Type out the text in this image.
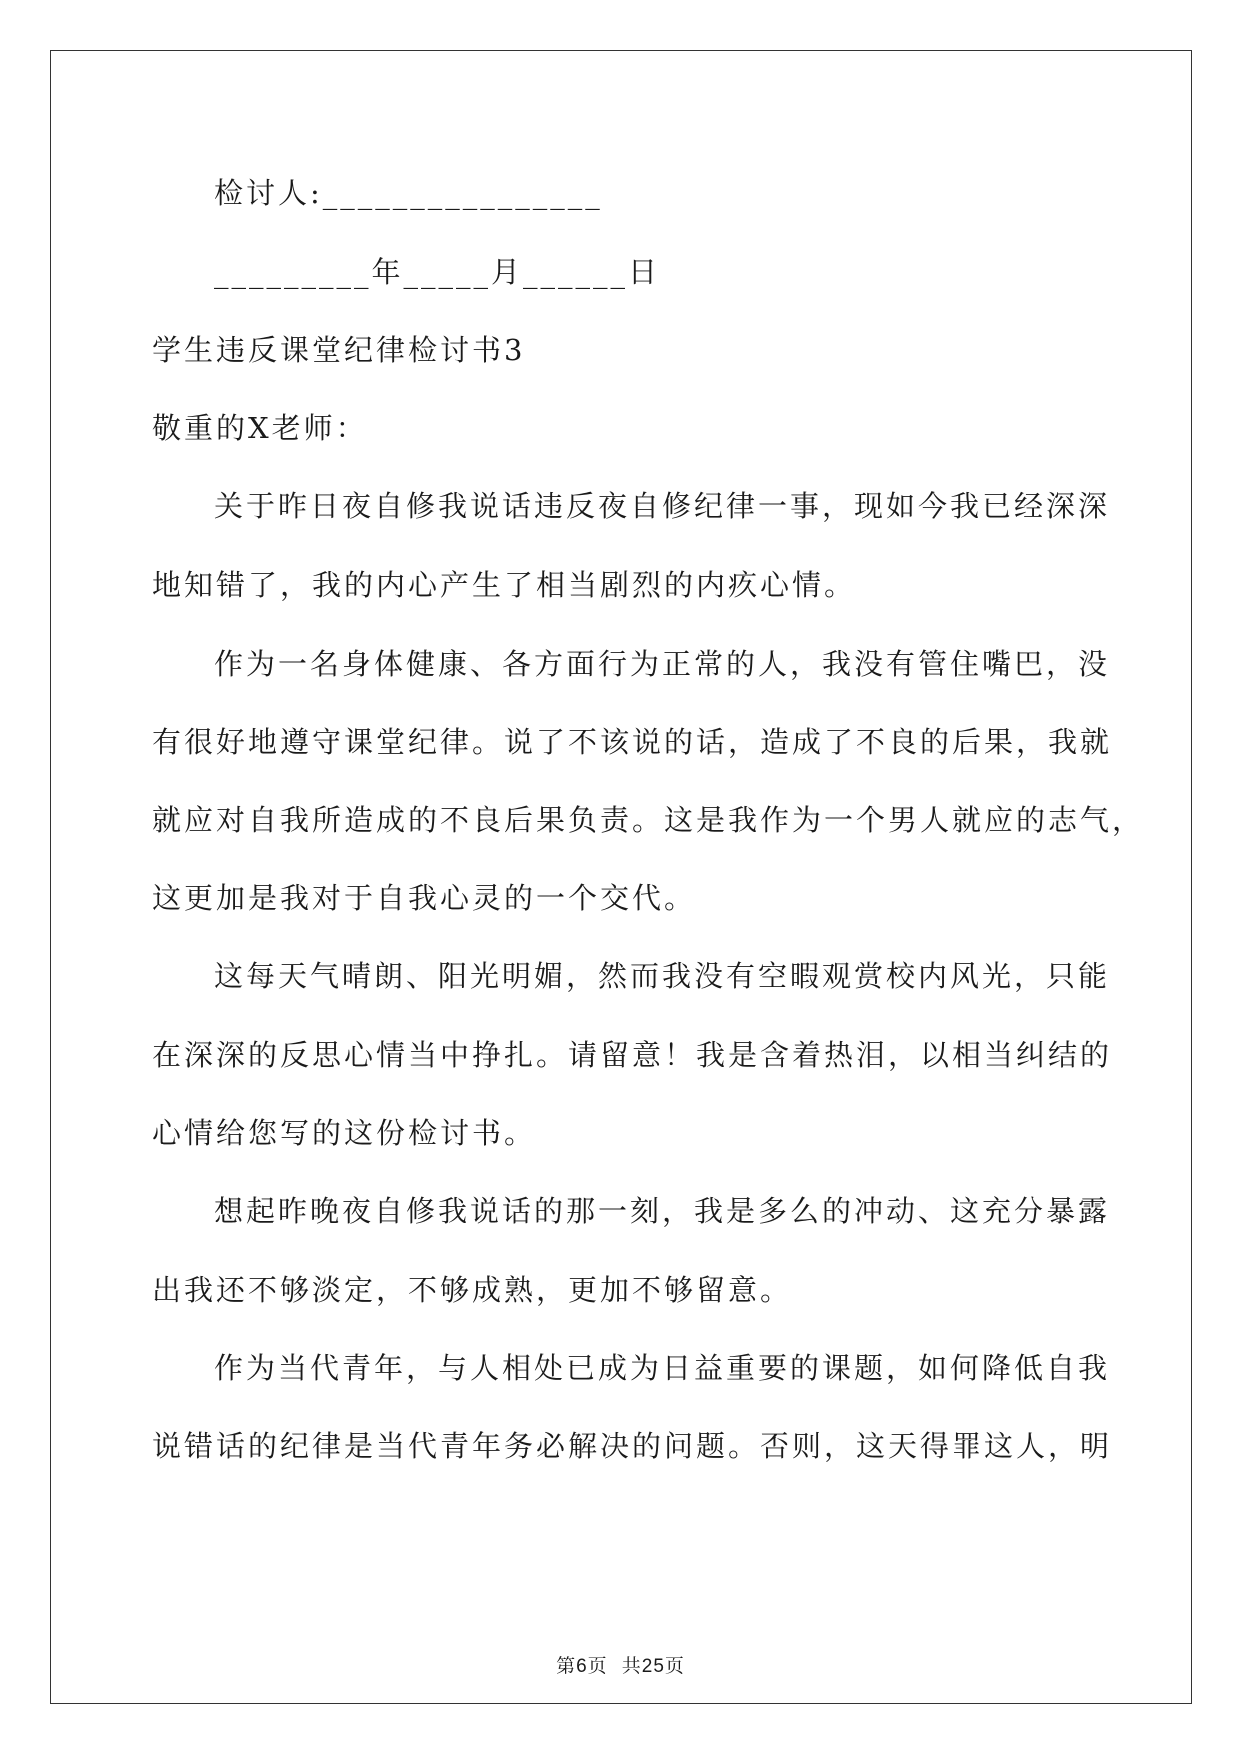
检讨人:________________
_________年_____月______日
学生违反课堂纪律检讨书3
敬重的X老师：
关于昨日夜自修我说话违反夜自修纪律一事，现如今我已经深深
地知错了，我的内心产生了相当剧烈的内疚心情。
作为一名身体健康、各方面行为正常的人，我没有管住嘴巴，没
有很好地遵守课堂纪律。说了不该说的话，造成了不良的后果，我就
就应对自我所造成的不良后果负责。这是我作为一个男人就应的志气，
这更加是我对于自我心灵的一个交代。
这每天气晴朗、阳光明媚，然而我没有空暇观赏校内风光，只能
在深深的反思心情当中挣扎。请留意！我是含着热泪，以相当纠结的
心情给您写的这份检讨书。
想起昨晚夜自修我说话的那一刻，我是多么的冲动、这充分暴露
出我还不够淡定，不够成熟，更加不够留意。
作为当代青年，与人相处已成为日益重要的课题，如何降低自我
说错话的纪律是当代青年务必解决的问题。否则，这天得罪这人，明
第6页  共25页
